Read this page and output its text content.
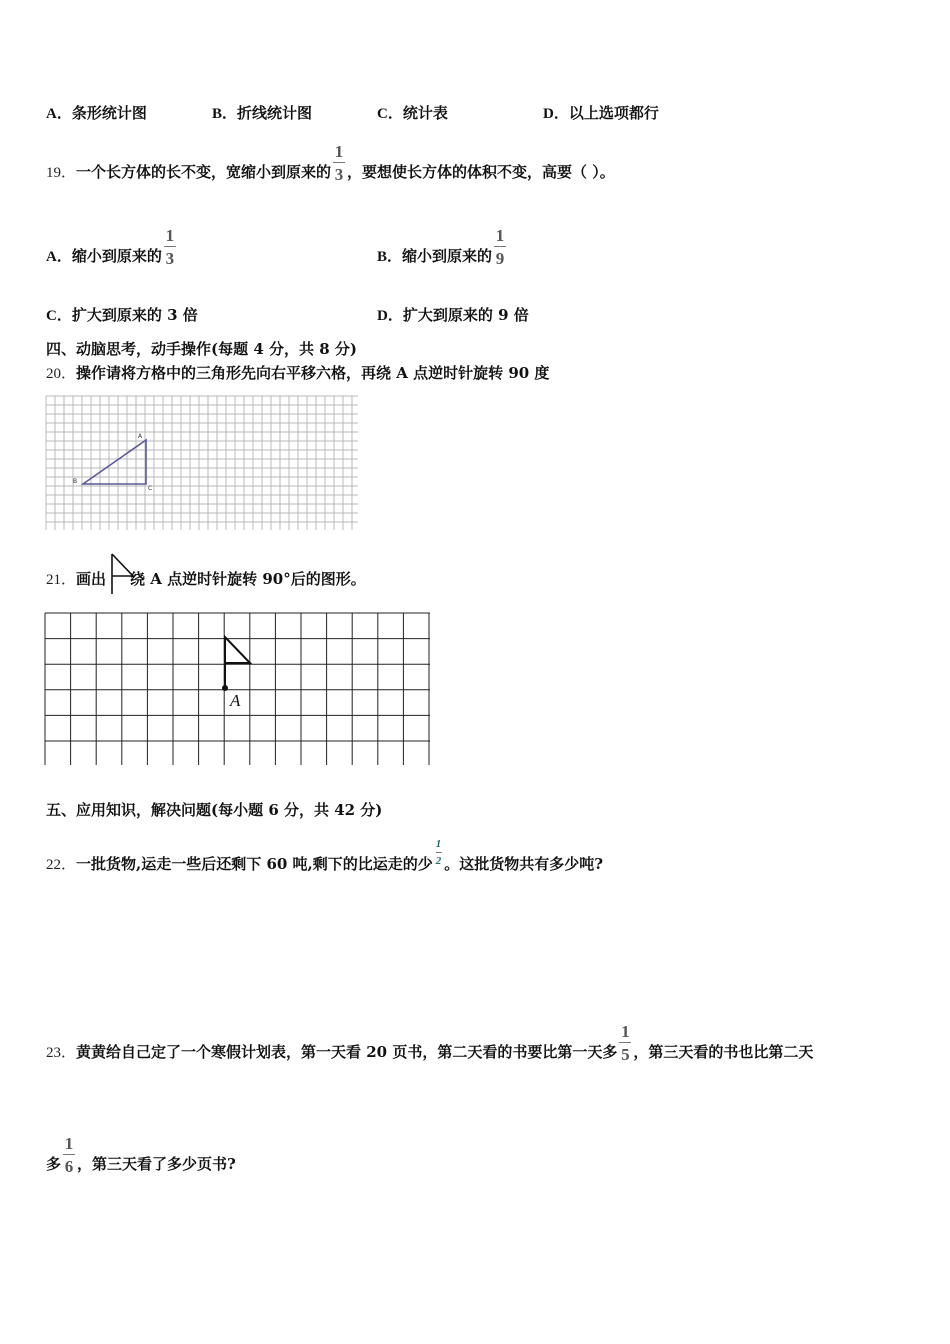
A．条形统计图	B．折线统计图	C．统计表	D．以上选项都行
19．一个长方体的长不变，宽缩小到原来的 $\frac{1}{3}$ ，要想使长方体的体积不变，高要（ ）。
A．缩小到原来的 $\frac{1}{3}$	B．缩小到原来的 $\frac{1}{9}$
C．扩大到原来的 3 倍	D．扩大到原来的 9 倍
四、动脑思考，动手操作(每题 4 分，共 8 分)
20．操作请将方格中的三角形先向右平移六格，再绕 A 点逆时针旋转 90 度
A
B
C
21．画出 绕 A 点逆时针旋转 90°后的图形。
A
五、应用知识，解决问题(每小题 6 分，共 42 分)
22．一批货物,运走一些后还剩下 60 吨,剩下的比运走的少 $\frac{1}{2}$ 。这批货物共有多少吨?
23．黄黄给自己定了一个寒假计划表，第一天看 20 页书，第二天看的书要比第一天多 $\frac{1}{5}$ ，第三天看的书也比第二天
多 $\frac{1}{6}$ ，第三天看了多少页书?
